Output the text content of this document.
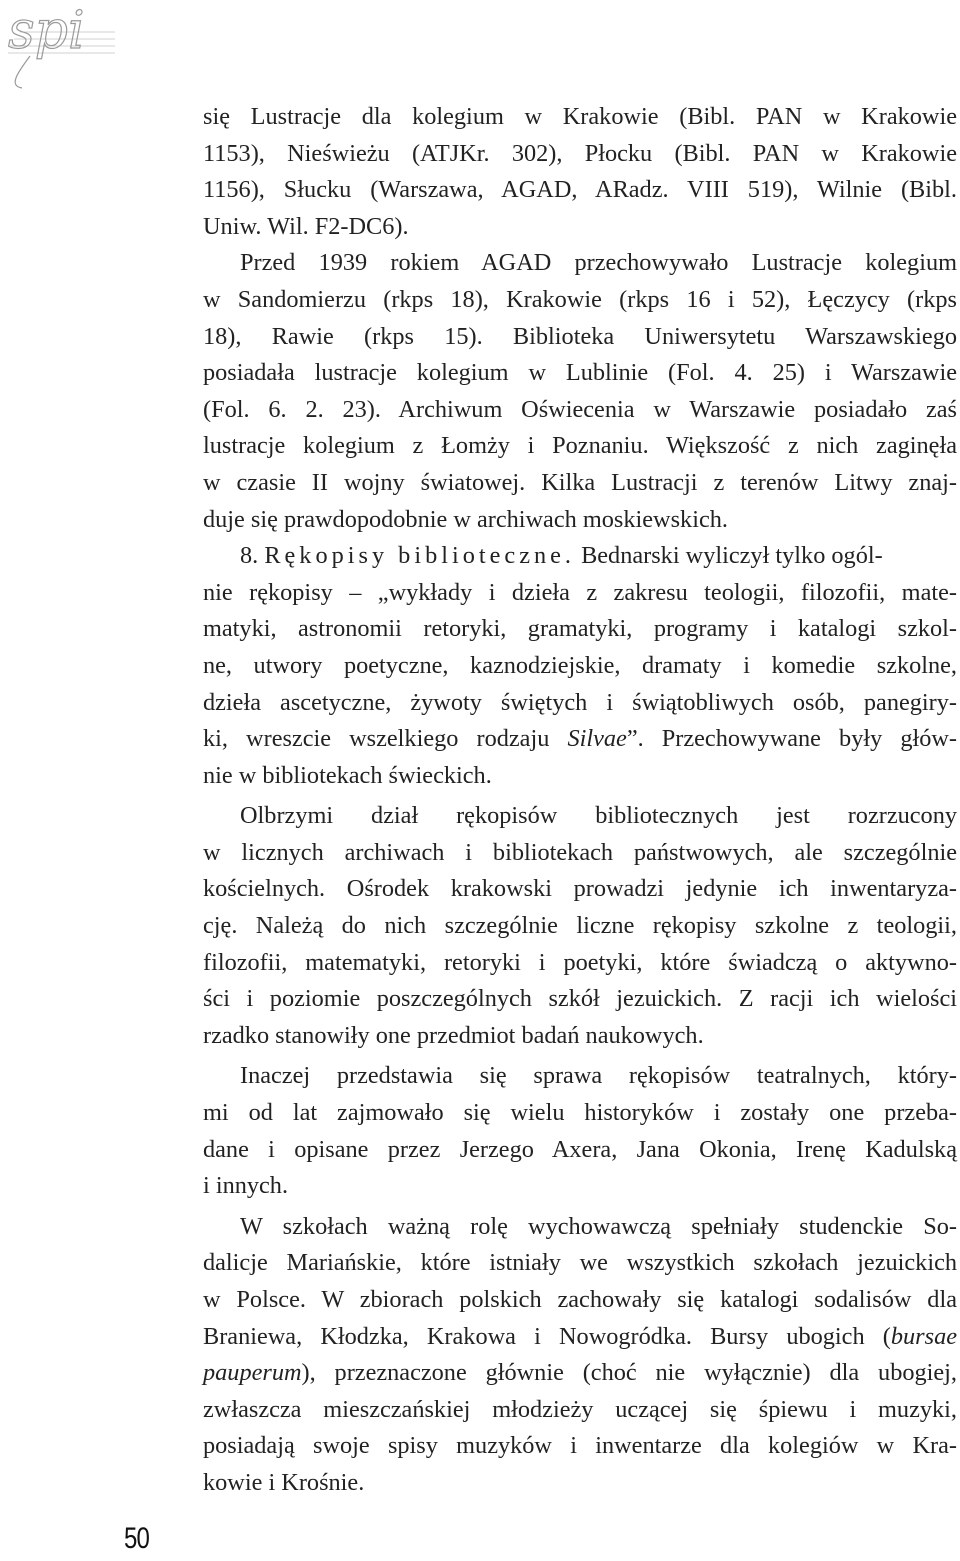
spi
się Lustracje dla kolegium w Krakowie (Bibl. PAN w Krakowie
1153), Nieświeżu (ATJKr. 302), Płocku (Bibl. PAN w Krakowie
1156), Słucku (Warszawa, AGAD, ARadz. VIII 519), Wilnie (Bibl.
Uniw. Wil. F2-DC6).
Przed 1939 rokiem AGAD przechowywało Lustracje kolegium
w Sandomierzu (rkps 18), Krakowie (rkps 16 i 52), Łęczycy (rkps
18), Rawie (rkps 15). Biblioteka Uniwersytetu Warszawskiego
posiadała lustracje kolegium w Lublinie (Fol. 4. 25) i Warszawie
(Fol. 6. 2. 23). Archiwum Oświecenia w Warszawie posiadało zaś
lustracje kolegium z Łomży i Poznaniu. Większość z nich zaginęła
w czasie II wojny światowej. Kilka Lustracji z terenów Litwy znaj-
duje się prawdopodobnie w archiwach moskiewskich.
8. Rękopisy biblioteczne. Bednarski wyliczył tylko ogól-
nie rękopisy – „wykłady i dzieła z zakresu teologii, filozofii, mate-
matyki, astronomii retoryki, gramatyki, programy i katalogi szkol-
ne, utwory poetyczne, kaznodziejskie, dramaty i komedie szkolne,
dzieła ascetyczne, żywoty świętych i świątobliwych osób, panegiry-
ki, wreszcie wszelkiego rodzaju Silvae”. Przechowywane były głów-
nie w bibliotekach świeckich.
Olbrzymi dział rękopisów bibliotecznych jest rozrzucony
w licznych archiwach i bibliotekach państwowych, ale szczególnie
kościelnych. Ośrodek krakowski prowadzi jedynie ich inwentaryza-
cję. Należą do nich szczególnie liczne rękopisy szkolne z teologii,
filozofii, matematyki, retoryki i poetyki, które świadczą o aktywno-
ści i poziomie poszczególnych szkół jezuickich. Z racji ich wielości
rzadko stanowiły one przedmiot badań naukowych.
Inaczej przedstawia się sprawa rękopisów teatralnych, który-
mi od lat zajmowało się wielu historyków i zostały one przeba-
dane i opisane przez Jerzego Axera, Jana Okonia, Irenę Kadulską
i innych.
W szkołach ważną rolę wychowawczą spełniały studenckie So-
dalicje Mariańskie, które istniały we wszystkich szkołach jezuickich
w Polsce. W zbiorach polskich zachowały się katalogi sodalisów dla
Braniewa, Kłodzka, Krakowa i Nowogródka. Bursy ubogich (bursae
pauperum), przeznaczone głównie (choć nie wyłącznie) dla ubogiej,
zwłaszcza mieszczańskiej młodzieży uczącej się śpiewu i muzyki,
posiadają swoje spisy muzyków i inwentarze dla kolegiów w Kra-
kowie i Krośnie.
50
